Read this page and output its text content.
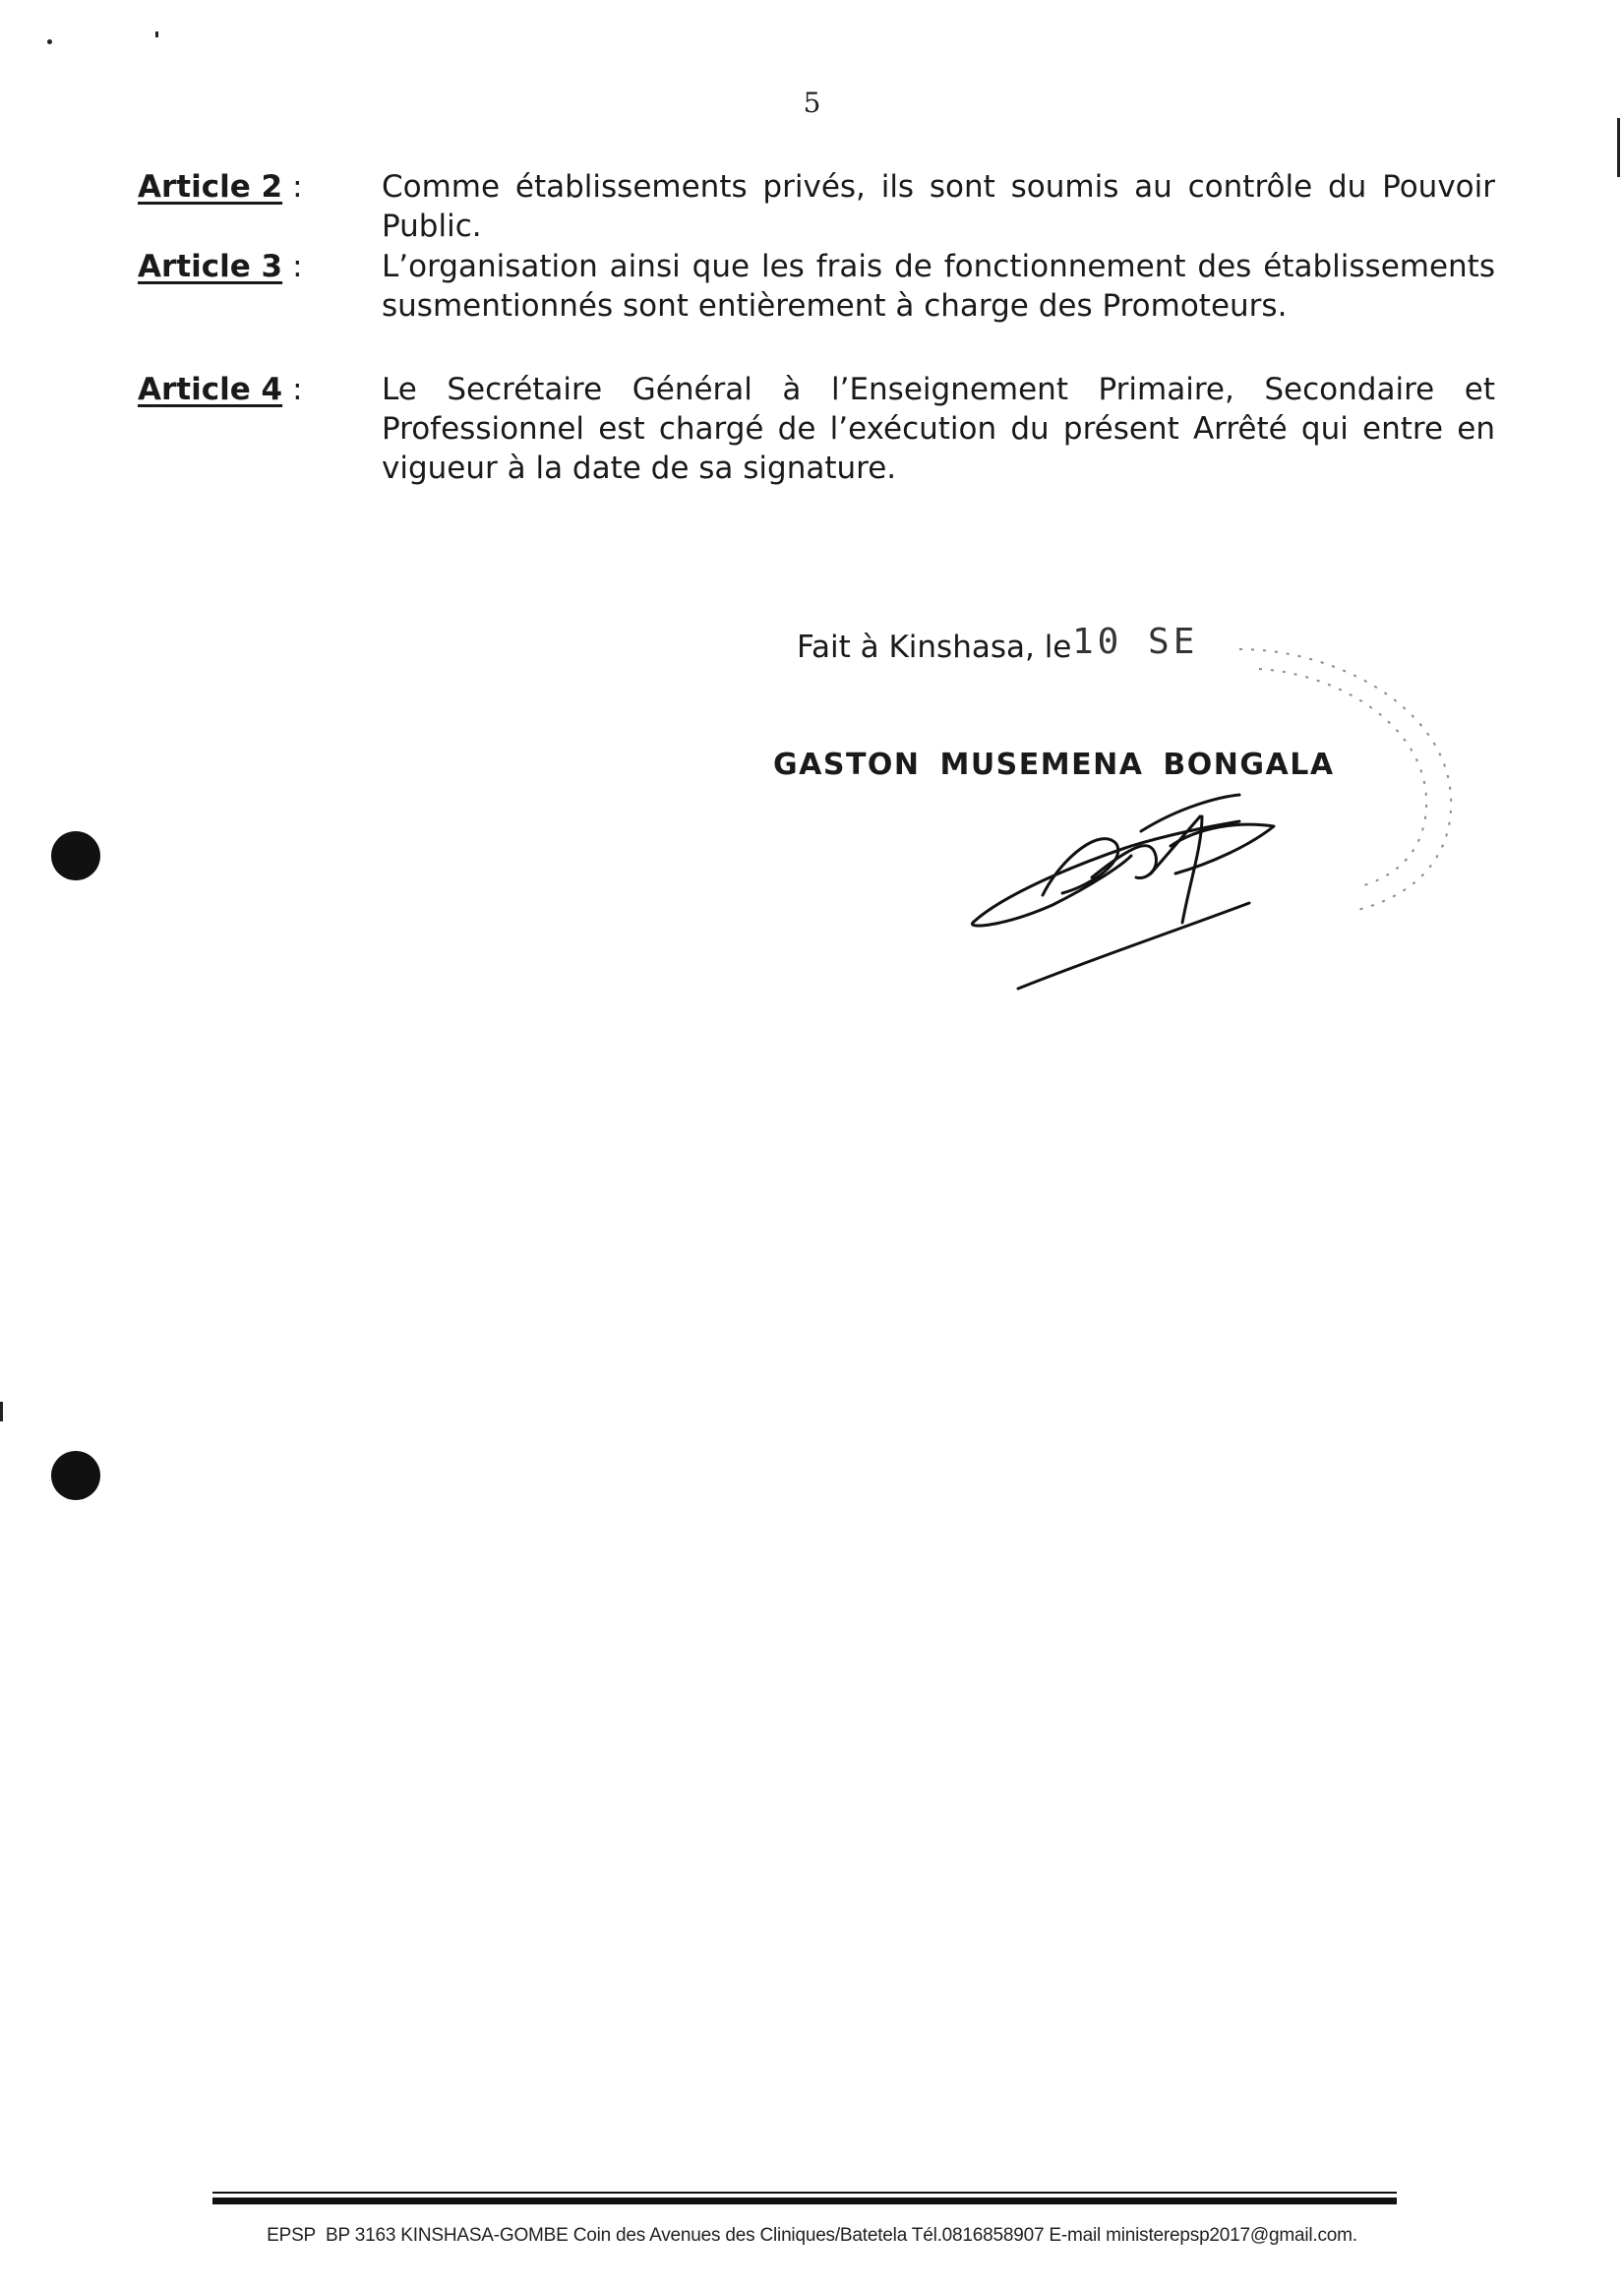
5
Article 2 :	Comme établissements privés, ils sont soumis au contrôle du Pouvoir Public.
Article 3 :	L’organisation ainsi que les frais de fonctionnement des établissements susmentionnés sont entièrement à charge des Promoteurs.
Article 4 :	Le Secrétaire Général à l’Enseignement Primaire, Secondaire et Professionnel est chargé de l’exécution du présent Arrêté qui entre en vigueur à la date de sa signature.
Fait à Kinshasa, le 10 SE
GASTON MUSEMENA BONGALA
EPSP BP 3163 KINSHASA-GOMBE Coin des Avenues des Cliniques/Batetela Tél.0816858907 E-mail ministerepsp2017@gmail.com.
